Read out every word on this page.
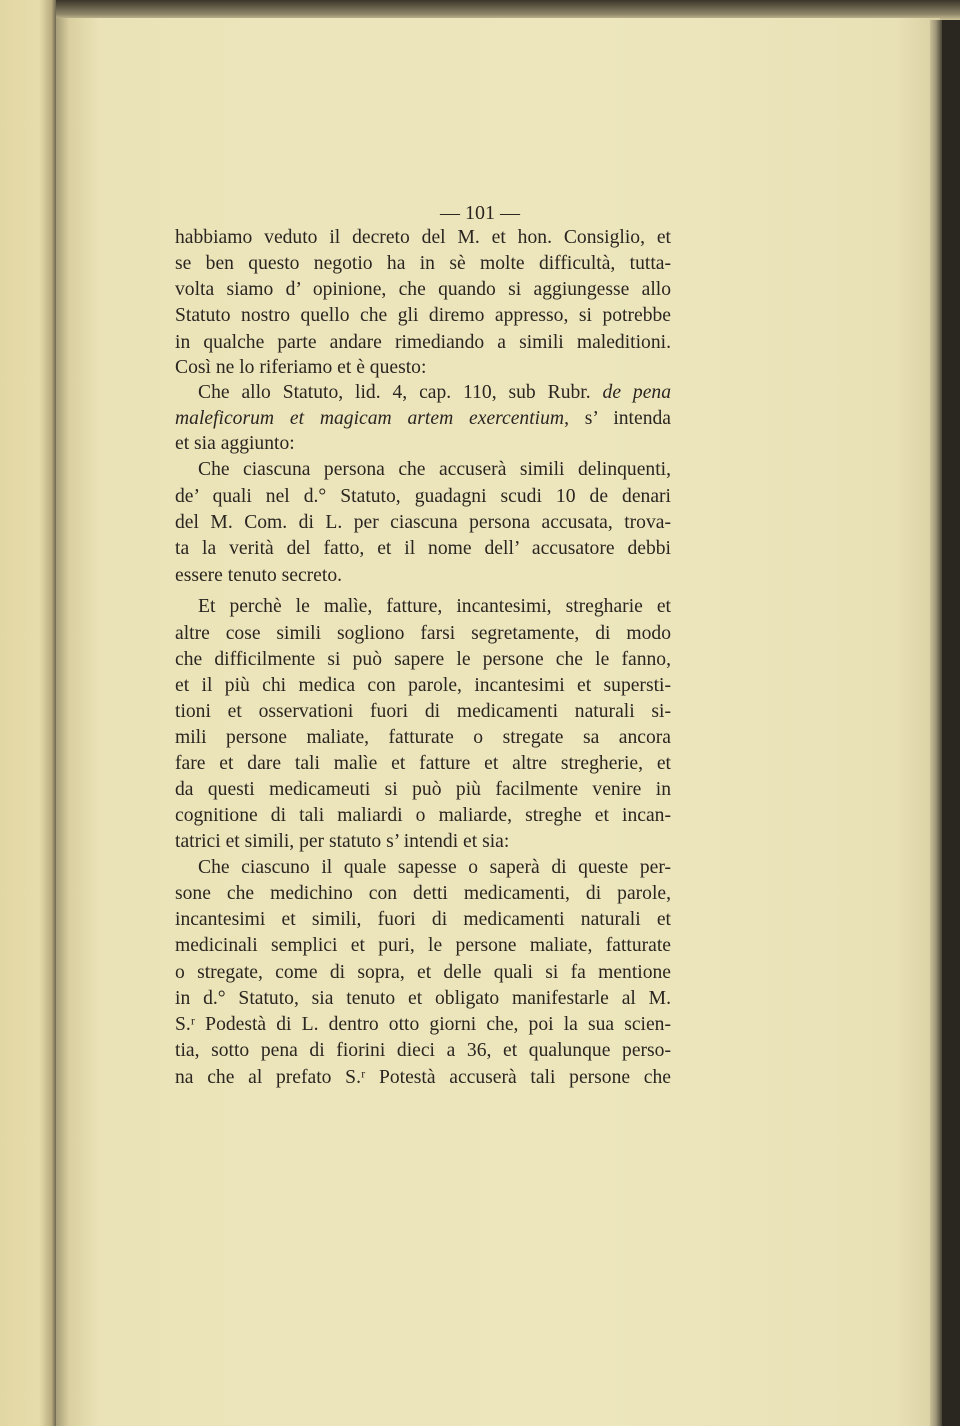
— 101 —
habbiamo veduto il decreto del M. et hon. Consiglio, et
se ben questo negotio ha in sè molte difficultà, tutta-
volta siamo d’ opinione, che quando si aggiungesse allo
Statuto nostro quello che gli diremo appresso, si potrebbe
in qualche parte andare rimediando a simili maleditioni.
Così ne lo riferiamo et è questo:
Che allo Statuto, lid. 4, cap. 110, sub Rubr. de pena
maleficorum et magicam artem exercentium, s’ intenda
et sia aggiunto:
Che ciascuna persona che accuserà simili delinquenti,
de’ quali nel d.° Statuto, guadagni scudi 10 de denari
del M. Com. di L. per ciascuna persona accusata, trova-
ta la verità del fatto, et il nome dell’ accusatore debbi
essere tenuto secreto.
Et perchè le malìe, fatture, incantesimi, stregharie et
altre cose simili sogliono farsi segretamente, di modo
che difficilmente si può sapere le persone che le fanno,
et il più chi medica con parole, incantesimi et supersti-
tioni et osservationi fuori di medicamenti naturali si-
mili persone maliate, fatturate o stregate sa ancora
fare et dare tali malìe et fatture et altre stregherie, et
da questi medicameuti si può più facilmente venire in
cognitione di tali maliardi o maliarde, streghe et incan-
tatrici et simili, per statuto s’ intendi et sia:
Che ciascuno il quale sapesse o saperà di queste per-
sone che medichino con detti medicamenti, di parole,
incantesimi et simili, fuori di medicamenti naturali et
medicinali semplici et puri, le persone maliate, fatturate
o stregate, come di sopra, et delle quali si fa mentione
in d.° Statuto, sia tenuto et obligato manifestarle al M.
S.ʳ Podestà di L. dentro otto giorni che, poi la sua scien-
tia, sotto pena di fiorini dieci a 36, et qualunque perso-
na che al prefato S.ʳ Potestà accuserà tali persone che
